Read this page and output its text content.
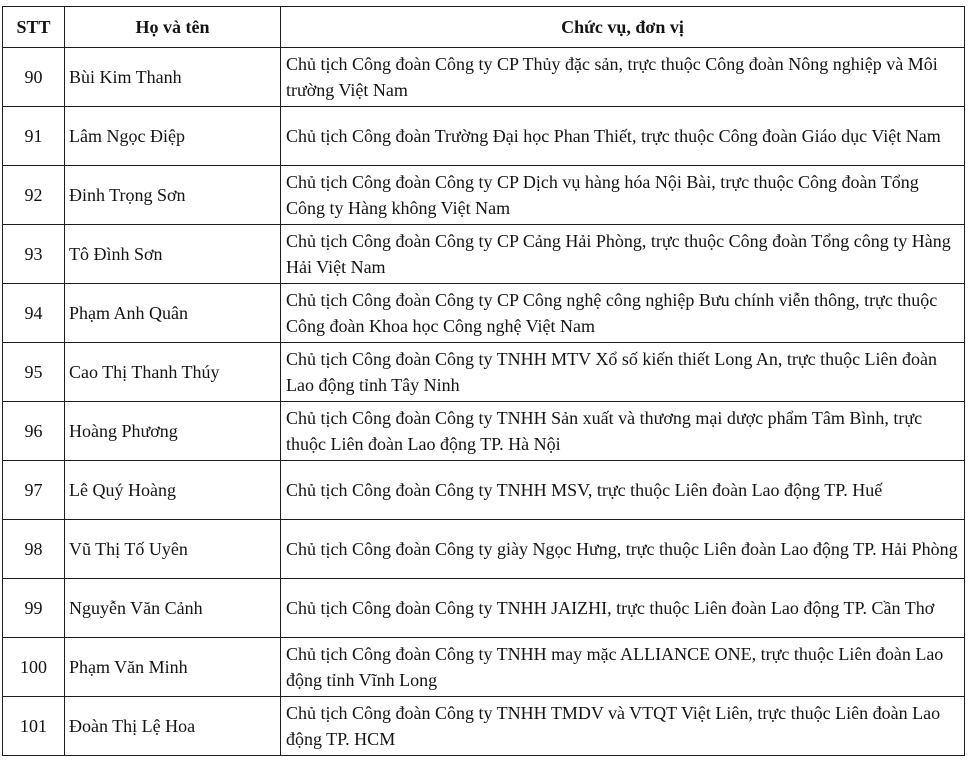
STT	Họ và tên	Chức vụ, đơn vị
90	Bùi Kim Thanh	Chủ tịch Công đoàn Công ty CP Thủy đặc sản, trực thuộc Công đoàn Nông nghiệp và Môi trường Việt Nam
91	Lâm Ngọc Điệp	Chủ tịch Công đoàn Trường Đại học Phan Thiết, trực thuộc Công đoàn Giáo dục Việt Nam
92	Đinh Trọng Sơn	Chủ tịch Công đoàn Công ty CP Dịch vụ hàng hóa Nội Bài, trực thuộc Công đoàn Tổng Công ty Hàng không Việt Nam
93	Tô Đình Sơn	Chủ tịch Công đoàn Công ty CP Cảng Hải Phòng, trực thuộc Công đoàn Tổng công ty Hàng Hải Việt Nam
94	Phạm Anh Quân	Chủ tịch Công đoàn Công ty CP Công nghệ công nghiệp Bưu chính viễn thông, trực thuộc Công đoàn Khoa học Công nghệ Việt Nam
95	Cao Thị Thanh Thúy	Chủ tịch Công đoàn Công ty TNHH MTV Xổ số kiến thiết Long An, trực thuộc Liên đoàn Lao động tỉnh Tây Ninh
96	Hoàng Phương	Chủ tịch Công đoàn Công ty TNHH Sản xuất và thương mại dược phẩm Tâm Bình, trực thuộc Liên đoàn Lao động TP. Hà Nội
97	Lê Quý Hoàng	Chủ tịch Công đoàn Công ty TNHH MSV, trực thuộc Liên đoàn Lao động TP. Huế
98	Vũ Thị Tố Uyên	Chủ tịch Công đoàn Công ty giày Ngọc Hưng, trực thuộc Liên đoàn Lao động TP. Hải Phòng
99	Nguyễn Văn Cảnh	Chủ tịch Công đoàn Công ty TNHH JAIZHI, trực thuộc Liên đoàn Lao động TP. Cần Thơ
100	Phạm Văn Minh	Chủ tịch Công đoàn Công ty TNHH may mặc ALLIANCE ONE, trực thuộc Liên đoàn Lao động tỉnh Vĩnh Long
101	Đoàn Thị Lệ Hoa	Chủ tịch Công đoàn Công ty TNHH TMDV và VTQT Việt Liên, trực thuộc Liên đoàn Lao động TP. HCM
